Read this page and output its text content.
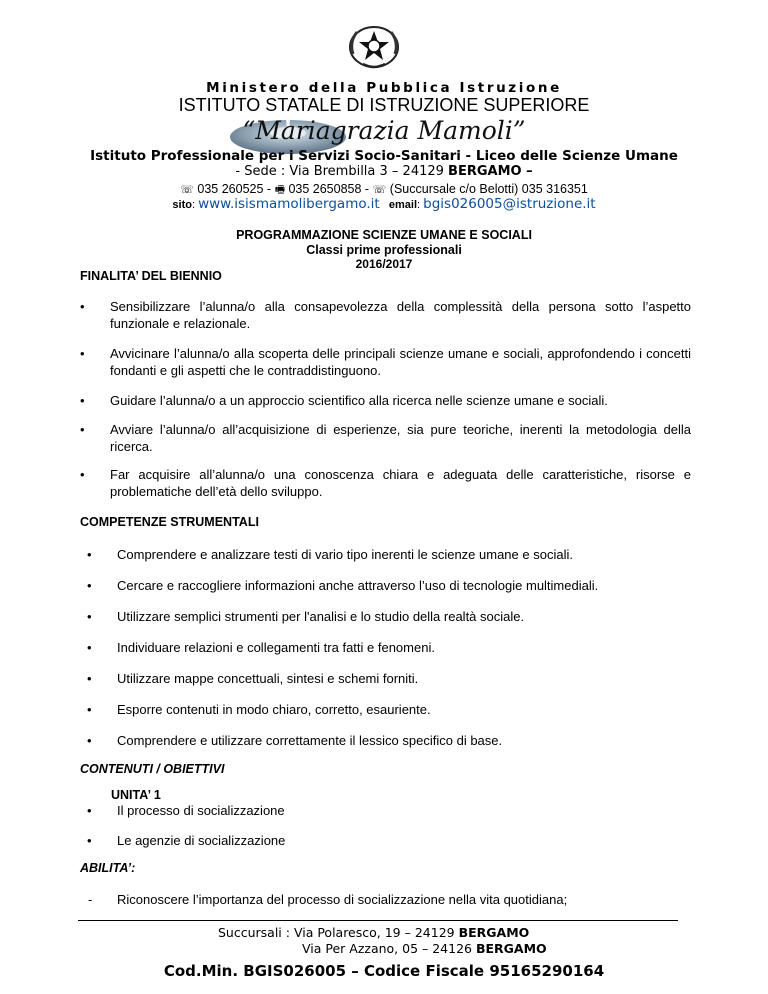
Ministero della Pubblica Istruzione
ISTITUTO STATALE DI ISTRUZIONE SUPERIORE
“Mariagrazia Mamoli”
Istituto Professionale per i Servizi Socio-Sanitari - Liceo delle Scienze Umane
- Sede : Via Brembilla 3 – 24129 BERGAMO –
☏ 035 260525 - 🖷 035 2650858 - ☏ (Succursale c/o Belotti) 035 316351
sito: www.isismamolibergamo.it email: bgis026005@istruzione.it
PROGRAMMAZIONE SCIENZE UMANE E SOCIALI
Classi prime professionali
2016/2017
FINALITA’ DEL BIENNIO
• Sensibilizzare l’alunna/o alla consapevolezza della complessità della persona sotto l’aspetto funzionale e relazionale.
• Avvicinare l’alunna/o alla scoperta delle principali scienze umane e sociali, approfondendo i concetti fondanti e gli aspetti che le contraddistinguono.
• Guidare l’alunna/o a un approccio scientifico alla ricerca nelle scienze umane e sociali.
• Avviare l’alunna/o all’acquisizione di esperienze, sia pure teoriche, inerenti la metodologia della ricerca.
• Far acquisire all’alunna/o una conoscenza chiara e adeguata delle caratteristiche, risorse e problematiche dell’età dello sviluppo.
COMPETENZE STRUMENTALI
• Comprendere e analizzare testi di vario tipo inerenti le scienze umane e sociali.
• Cercare e raccogliere informazioni anche attraverso l’uso di tecnologie multimediali.
• Utilizzare semplici strumenti per l'analisi e lo studio della realtà sociale.
• Individuare relazioni e collegamenti tra fatti e fenomeni.
• Utilizzare mappe concettuali, sintesi e schemi forniti.
• Esporre contenuti in modo chiaro, corretto, esauriente.
• Comprendere e utilizzare correttamente il lessico specifico di base.
CONTENUTI / OBIETTIVI
UNITA’ 1
• Il processo di socializzazione
• Le agenzie di socializzazione
ABILITA’:
- Riconoscere l’importanza del processo di socializzazione nella vita quotidiana;
Succursali : Via Polaresco, 19 – 24129 BERGAMO
Via Per Azzano, 05 – 24126 BERGAMO
Cod.Min. BGIS026005 – Codice Fiscale 95165290164
